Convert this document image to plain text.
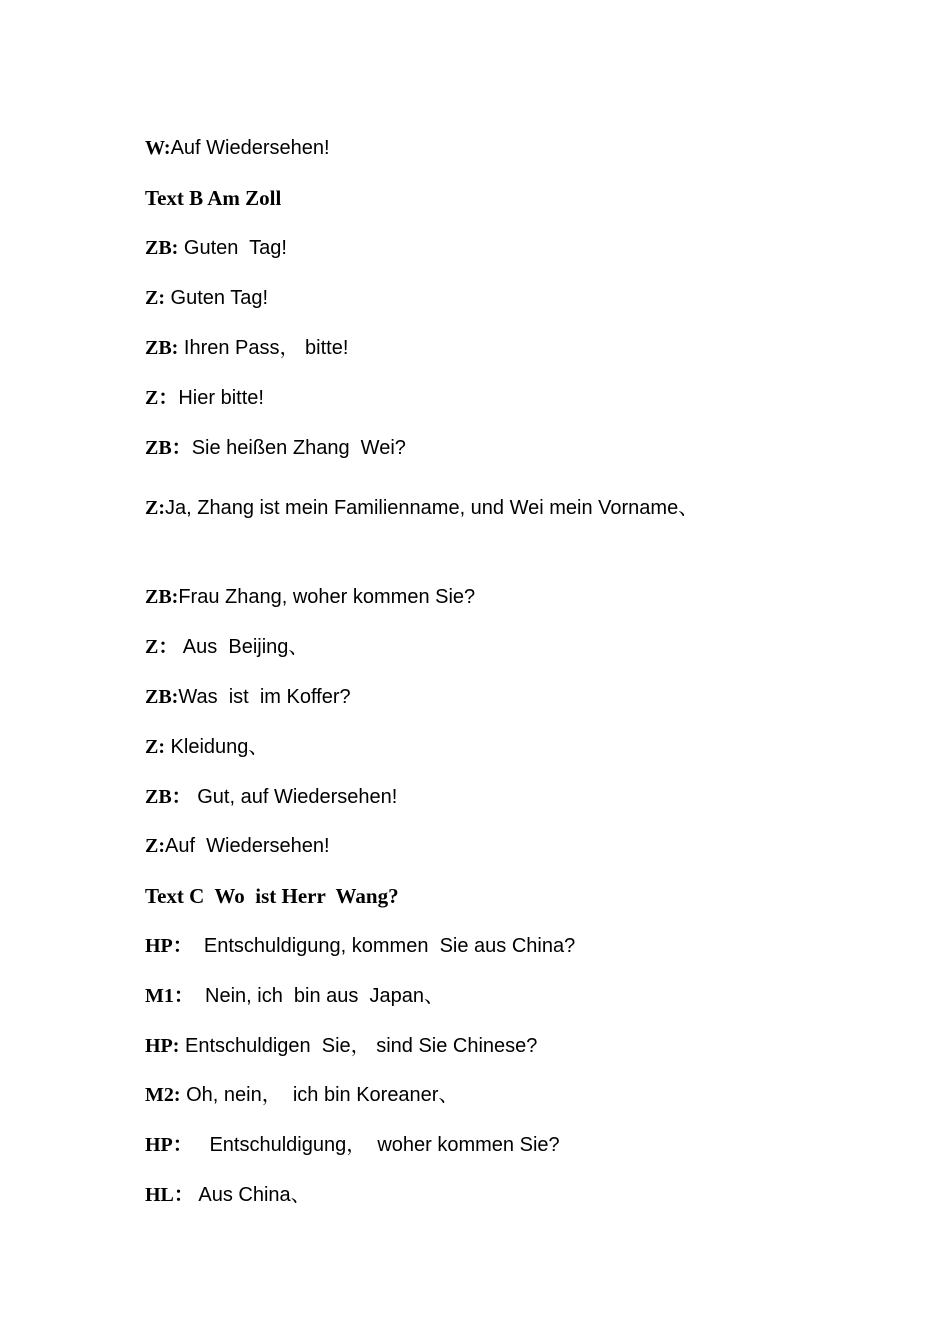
W:Auf Wiedersehen!
Text B Am Zoll
ZB: Guten  Tag!
Z: Guten Tag!
ZB: Ihren Pass， bitte!
Z：Hier bitte!
ZB：Sie heißen Zhang  Wei?
Z:Ja, Zhang ist mein Familienname, und Wei mein Vorname、
ZB:Frau Zhang, woher kommen Sie?
Z： Aus  Beijing、
ZB:Was  ist  im Koffer?
Z: Kleidung、
ZB： Gut, auf Wiedersehen!
Z:Auf  Wiedersehen!
Text C  Wo  ist Herr  Wang?
HP：  Entschuldigung, kommen  Sie aus China?
M1：  Nein, ich  bin aus  Japan、
HP: Entschuldigen  Sie， sind Sie Chinese?
M2: Oh, nein，  ich bin Koreaner、
HP：   Entschuldigung，  woher kommen Sie?
HL： Aus China、
